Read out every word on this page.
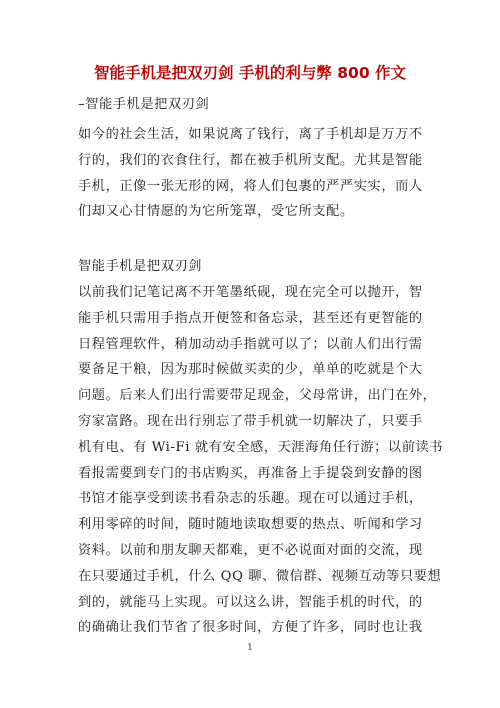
智能手机是把双刃剑 手机的利与弊 800 作文
–智能手机是把双刃剑
如今的社会生活，如果说离了钱行，离了手机却是万万不
行的，我们的衣食住行，都在被手机所支配。尤其是智能
手机，正像一张无形的网，将人们包裹的严严实实，而人
们却又心甘情愿的为它所笼罩，受它所支配。
智能手机是把双刃剑
以前我们记笔记离不开笔墨纸砚，现在完全可以抛开，智
能手机只需用手指点开便签和备忘录，甚至还有更智能的
日程管理软件，稍加动动手指就可以了；以前人们出行需
要备足干粮，因为那时候做买卖的少，单单的吃就是个大
问题。后来人们出行需要带足现金，父母常讲，出门在外，
穷家富路。现在出行别忘了带手机就一切解决了，只要手
机有电、有 Wi-Fi 就有安全感，天涯海角任行游；以前读书
看报需要到专门的书店购买，再准备上手提袋到安静的图
书馆才能享受到读书看杂志的乐趣。现在可以通过手机，
利用零碎的时间，随时随地读取想要的热点、听闻和学习
资料。以前和朋友聊天都难，更不必说面对面的交流，现
在只要通过手机，什么 QQ 聊、微信群、视频互动等只要想
到的，就能马上实现。可以这么讲，智能手机的时代，的
的确确让我们节省了很多时间，方便了许多，同时也让我
1
